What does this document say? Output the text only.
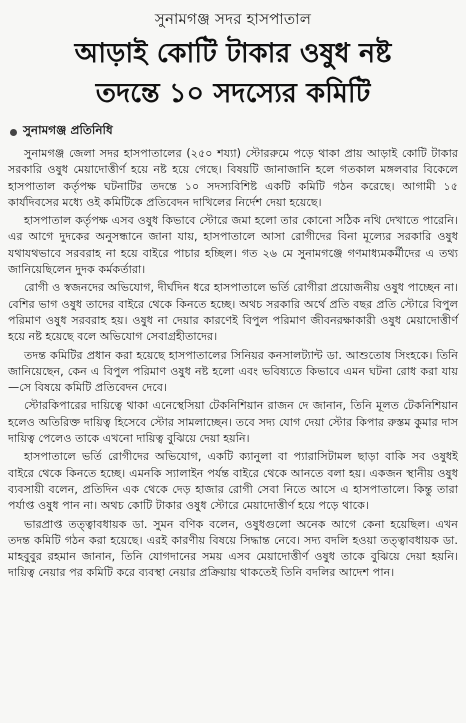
সুনামগঞ্জ সদর হাসপাতাল
আড়াই কোটি টাকার ওষুধ নষ্ট
তদন্তে ১০ সদস্যের কমিটি
সুনামগঞ্জ প্রতিনিধি

সুনামগঞ্জ জেলা সদর হাসপাতালের (২৫০ শয্যা) স্টোররুমে পড়ে থাকা প্রায় আড়াই কোটি টাকার সরকারি ওষুধ মেয়াদোত্তীর্ণ হয়ে নষ্ট হয়ে গেছে। বিষয়টি জানাজানি হলে গতকাল মঙ্গলবার বিকেলে হাসপাতাল কর্তৃপক্ষ ঘটনাটির তদন্তে ১০ সদস্যবিশিষ্ট একটি কমিটি গঠন করেছে। আগামী ১৫ কার্যদিবসের মধ্যে ওই কমিটিকে প্রতিবেদন দাখিলের নির্দেশ দেয়া হয়েছে।

হাসপাতাল কর্তৃপক্ষ এসব ওষুধ কিভাবে স্টোরে জমা হলো তার কোনো সঠিক নথি দেখাতে পারেনি। এর আগে দুদকের অনুসন্ধানে জানা যায়, হাসপাতালে আসা রোগীদের বিনা মূল্যের সরকারি ওষুধ যথাযথভাবে সরবরাহ না হয়ে বাইরে পাচার হচ্ছিল। গত ২৬ মে সুনামগঞ্জে গণমাধ্যমকর্মীদের এ তথ্য জানিয়েছিলেন দুদক কর্মকর্তারা।

রোগী ও স্বজনদের অভিযোগ, দীর্ঘদিন ধরে হাসপাতালে ভর্তি রোগীরা প্রয়োজনীয় ওষুধ পাচ্ছেন না। বেশির ভাগ ওষুধ তাদের বাইরে থেকে কিনতে হচ্ছে। অথচ সরকারি অর্থে প্রতি বছর প্রতি স্টোরে বিপুল পরিমাণ ওষুধ সরবরাহ হয়। ওষুধ না দেয়ার কারণেই বিপুল পরিমাণ জীবনরক্ষাকারী ওষুধ মেয়াদোত্তীর্ণ হয়ে নষ্ট হয়েছে বলে অভিযোগ সেবাগ্রহীতাদের।

তদন্ত কমিটির প্রধান করা হয়েছে হাসপাতালের সিনিয়র কনসালট্যান্ট ডা. আশুতোষ সিংহকে। তিনি জানিয়েছেন, কেন এ বিপুল পরিমাণ ওষুধ নষ্ট হলো এবং ভবিষ্যতে কিভাবে এমন ঘটনা রোধ করা যায়—সে বিষয়ে কমিটি প্রতিবেদন দেবে।

স্টোরকিপারের দায়িত্বে থাকা এনেস্থেসিয়া টেকনিশিয়ান রাজন দে জানান, তিনি মূলত টেকনিশিয়ান হলেও অতিরিক্ত দায়িত্ব হিসেবে স্টোর সামলাচ্ছেন। তবে সদ্য যোগ দেয়া স্টোর কিপার রুস্তম কুমার দাস দায়িত্ব পেলেও তাকে এখনো দায়িত্ব বুঝিয়ে দেয়া হয়নি।

হাসপাতালে ভর্তি রোগীদের অভিযোগ, একটি ক্যানুলা বা প্যারাসিটামল ছাড়া বাকি সব ওষুধই বাইরে থেকে কিনতে হচ্ছে। এমনকি স্যালাইন পর্যন্ত বাইরে থেকে আনতে বলা হয়। একজন স্থানীয় ওষুধ ব্যবসায়ী বলেন, প্রতিদিন এক থেকে দেড় হাজার রোগী সেবা নিতে আসে এ হাসপাতালে। কিন্তু তারা পর্যাপ্ত ওষুধ পান না। অথচ কোটি টাকার ওষুধ স্টোরে মেয়াদোত্তীর্ণ হয়ে পড়ে থাকে।

ভারপ্রাপ্ত তত্ত্বাবধায়ক ডা. সুমন বণিক বলেন, ওষুধগুলো অনেক আগে কেনা হয়েছিল। এখন তদন্ত কমিটি গঠন করা হয়েছে। এরই কারণীয় বিষয়ে সিদ্ধান্ত নেবে। সদ্য বদলি হওয়া তত্ত্বাবধায়ক ডা. মাহবুবুর রহমান জানান, তিনি যোগদানের সময় এসব মেয়াদোত্তীর্ণ ওষুধ তাকে বুঝিয়ে দেয়া হয়নি। দায়িত্ব নেয়ার পর কমিটি করে ব্যবস্থা নেয়ার প্রক্রিয়ায় থাকতেই তিনি বদলির আদেশ পান।
